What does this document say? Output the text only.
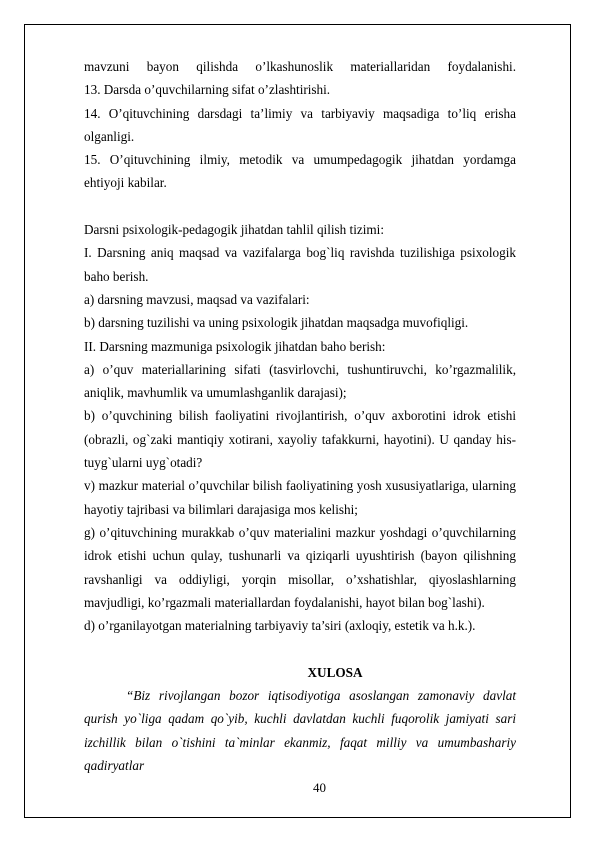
mavzuni bayon qilishda o’lkashunoslik materiallaridan foydalanishi.

13. Darsda o’quvchilarning sifat o’zlashtirishi.

14. O’qituvchining darsdagi ta’limiy va tarbiyaviy maqsadiga to’liq erisha olganligi.

15. O’qituvchining ilmiy, metodik va umumpedagogik jihatdan yordamga ehtiyoji kabilar.

Darsni psixologik-pedagogik jihatdan tahlil qilish tizimi:

I. Darsning aniq maqsad va vazifalarga bog`liq ravishda tuzilishiga psixologik baho berish.

a) darsning mavzusi, maqsad va vazifalari:

b) darsning tuzilishi va uning psixologik jihatdan maqsadga muvofiqligi.

II. Darsning mazmuniga psixologik jihatdan baho berish:

a) o’quv materiallarining sifati (tasvirlovchi, tushuntiruvchi, ko’rgazmalilik, aniqlik, mavhumlik va umumlashganlik darajasi);

b) o’quvchining bilish faoliyatini rivojlantirish, o’quv axborotini idrok etishi (obrazli, og`zaki mantiqiy xotirani, xayoliy tafakkurni, hayotini). U qanday his-tuyg`ularni uyg`otadi?

v) mazkur material o’quvchilar bilish faoliyatining yosh xususiyatlariga, ularning hayotiy tajribasi va bilimlari darajasiga mos kelishi;

g) o’qituvchining murakkab o’quv materialini mazkur yoshdagi o’quvchilarning idrok etishi uchun qulay, tushunarli va qiziqarli uyushtirish (bayon qilishning ravshanligi va oddiyligi, yorqin misollar, o’xshatishlar, qiyoslashlarning mavjudligi, ko’rgazmali materiallardan foydalanishi, hayot bilan bog`lashi).

d) o’rganilayotgan materialning tarbiyaviy ta’siri (axloqiy, estetik va h.k.).

XULOSA

“Biz rivojlangan bozor iqtisodiyotiga asoslangan zamonaviy davlat qurish yo`liga qadam qo`yib, kuchli davlatdan kuchli fuqorolik jamiyati sari izchillik bilan o`tishini ta`minlar ekanmiz, faqat milliy va umumbashariy qadiryatlar

40
